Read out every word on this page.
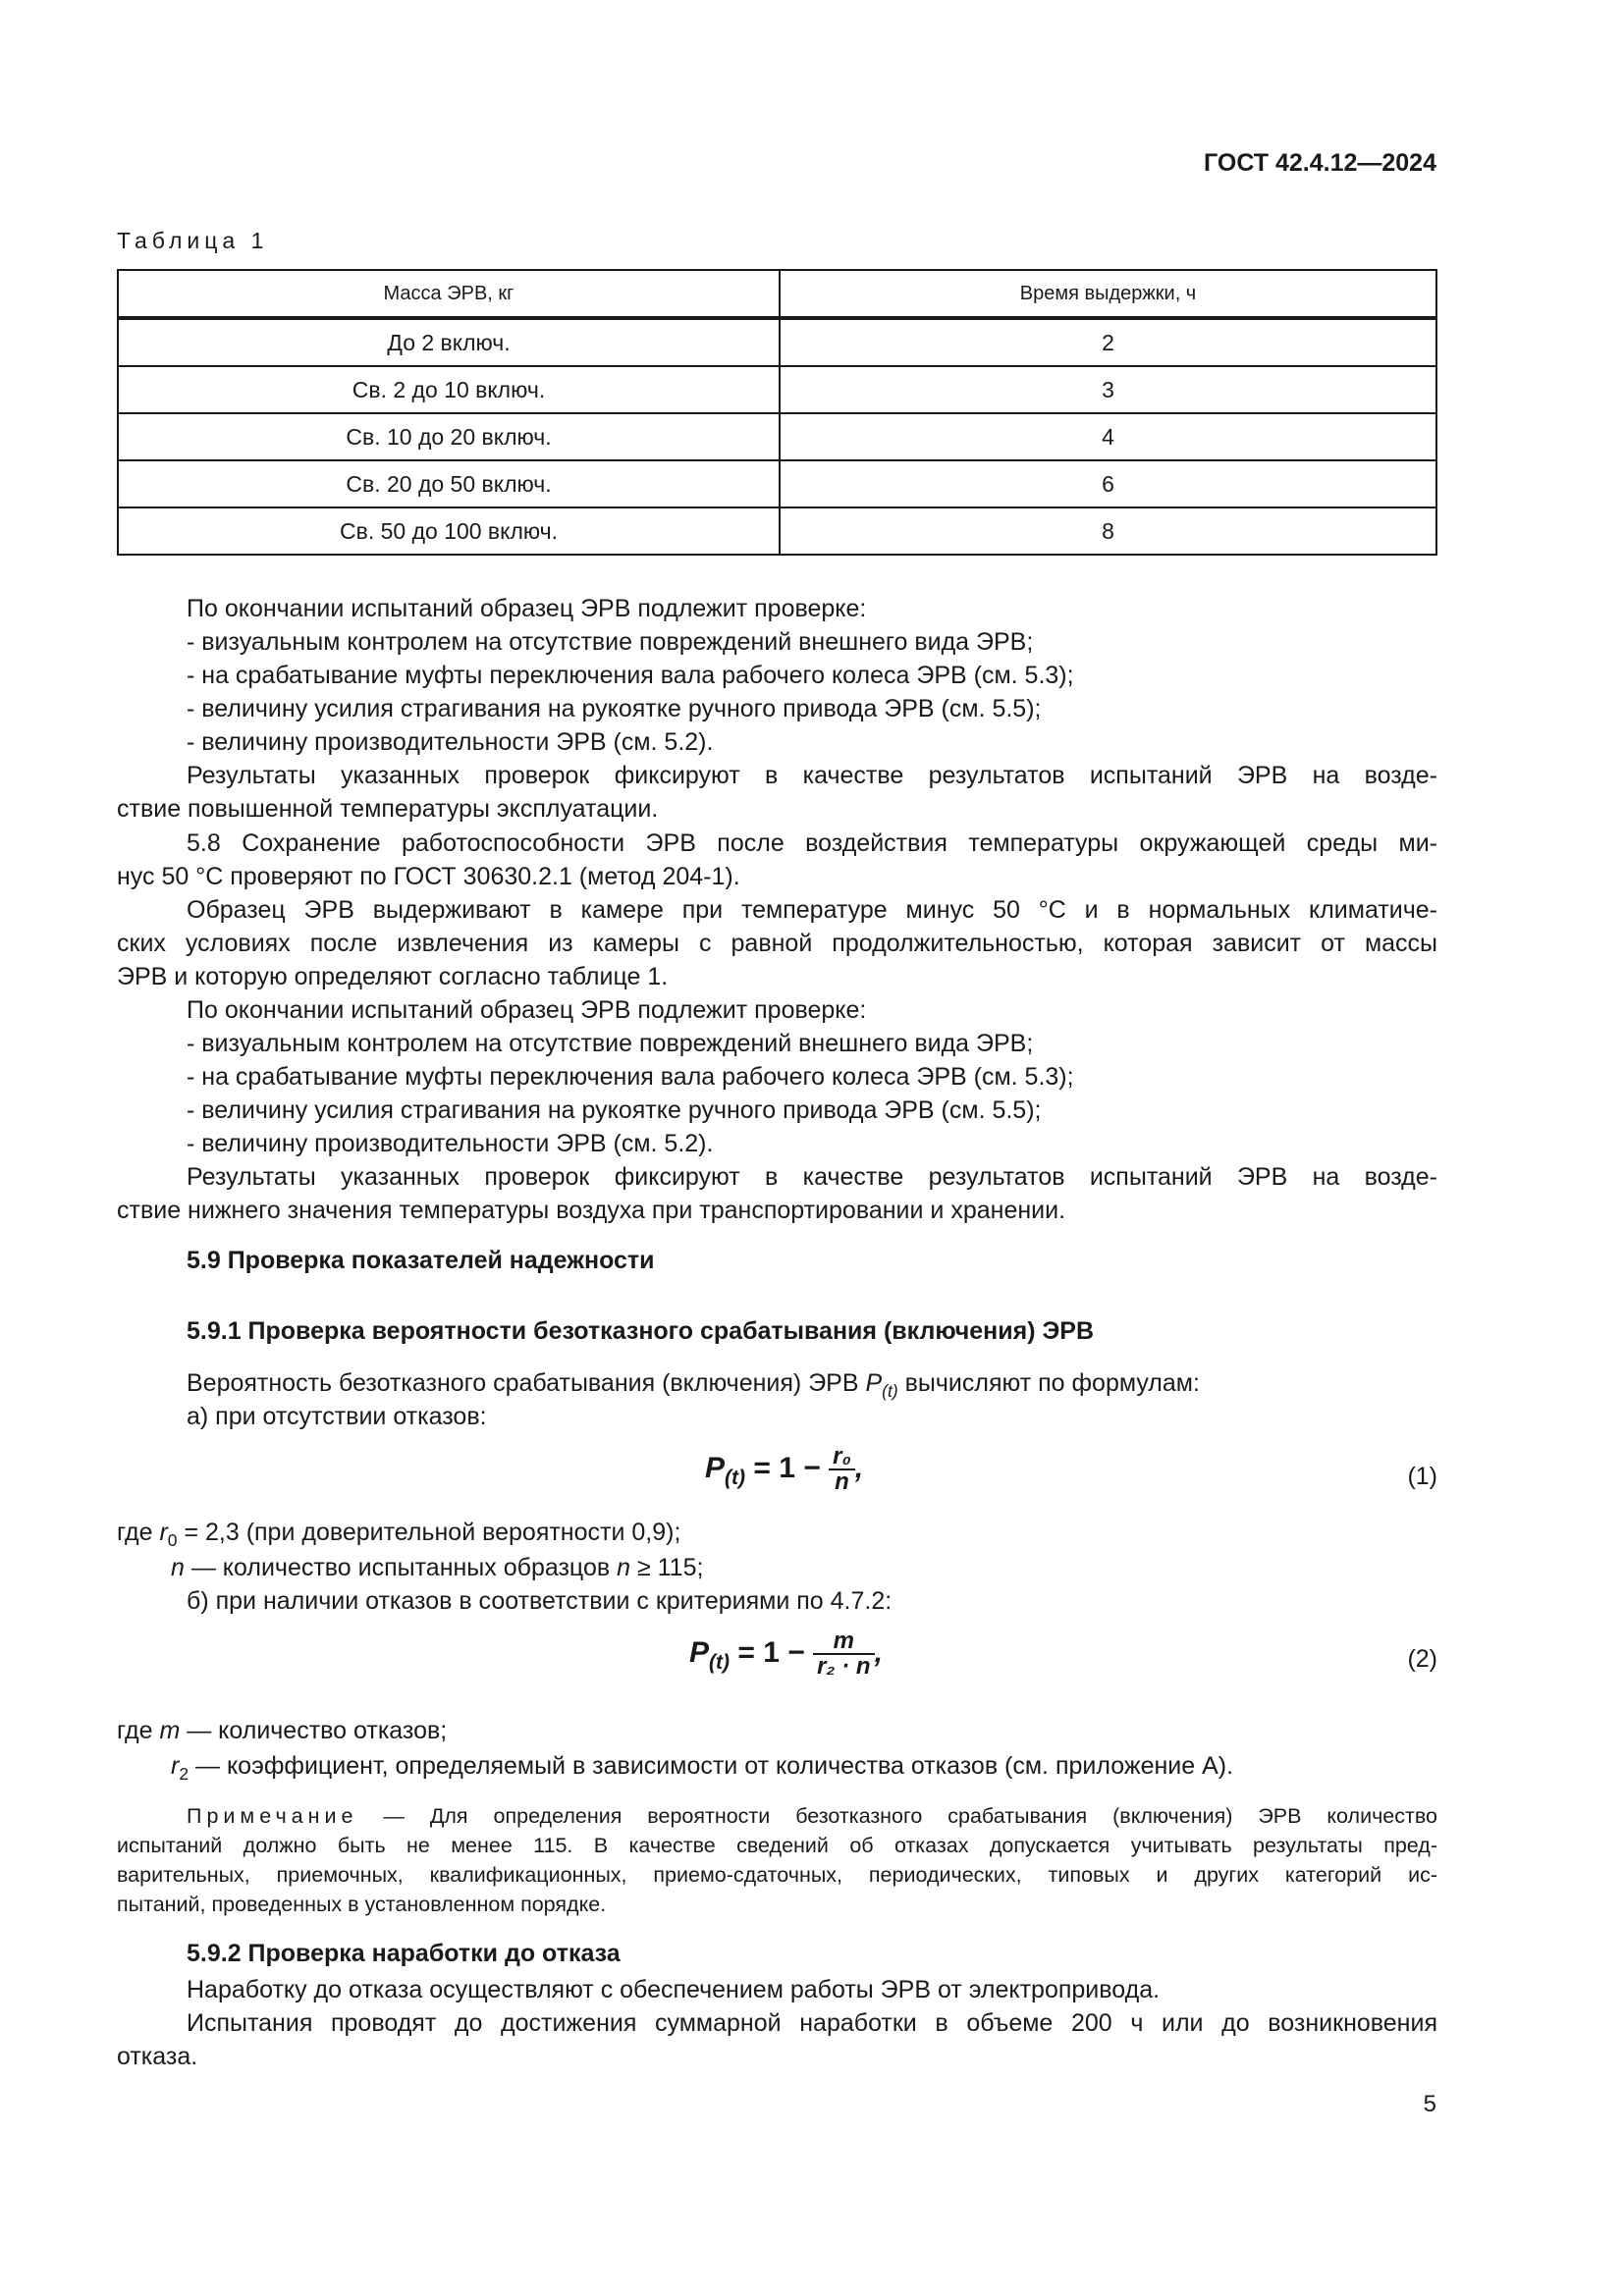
ГОСТ 42.4.12—2024
Таблица 1
Масса ЭРВ, кг	Время выдержки, ч
До 2 включ.	2
Св. 2 до 10 включ.	3
Св. 10 до 20 включ.	4
Св. 20 до 50 включ.	6
Св. 50 до 100 включ.	8
По окончании испытаний образец ЭРВ подлежит проверке:
- визуальным контролем на отсутствие повреждений внешнего вида ЭРВ;
- на срабатывание муфты переключения вала рабочего колеса ЭРВ (см. 5.3);
- величину усилия страгивания на рукоятке ручного привода ЭРВ (см. 5.5);
- величину производительности ЭРВ (см. 5.2).
Результаты указанных проверок фиксируют в качестве результатов испытаний ЭРВ на возде-
ствие повышенной температуры эксплуатации.
5.8 Сохранение работоспособности ЭРВ после воздействия температуры окружающей среды ми-
нус 50 °С проверяют по ГОСТ 30630.2.1 (метод 204-1).
Образец ЭРВ выдерживают в камере при температуре минус 50 °С и в нормальных климатиче-
ских условиях после извлечения из камеры с равной продолжительностью, которая зависит от массы
ЭРВ и которую определяют согласно таблице 1.
По окончании испытаний образец ЭРВ подлежит проверке:
- визуальным контролем на отсутствие повреждений внешнего вида ЭРВ;
- на срабатывание муфты переключения вала рабочего колеса ЭРВ (см. 5.3);
- величину усилия страгивания на рукоятке ручного привода ЭРВ (см. 5.5);
- величину производительности ЭРВ (см. 5.2).
Результаты указанных проверок фиксируют в качестве результатов испытаний ЭРВ на возде-
ствие нижнего значения температуры воздуха при транспортировании и хранении.
5.9 Проверка показателей надежности
5.9.1 Проверка вероятности безотказного срабатывания (включения) ЭРВ
Вероятность безотказного срабатывания (включения) ЭРВ $P_{(t)}$ вычисляют по формулам:
а) при отсутствии отказов:
$P_{(t)} = 1 - \frac{\text{r₀}}{n}$ ,	(1)
где $r_0 = 2,3$ (при доверительной вероятности 0,9);
n — количество испытанных образцов n ≥ 115;
б) при наличии отказов в соответствии с критериями по 4.7.2:
$P_{(t)} = 1 - \frac{m}{\text{r₂ · n}}$ ,	(2)
где m — количество отказов;
$r_2$ — коэффициент, определяемый в зависимости от количества отказов (см. приложение А).
Примечание — Для определения вероятности безотказного срабатывания (включения) ЭРВ количество
испытаний должно быть не менее 115. В качестве сведений об отказах допускается учитывать результаты пред-
варительных, приемочных, квалификационных, приемо-сдаточных, периодических, типовых и других категорий ис-
пытаний, проведенных в установленном порядке.
5.9.2 Проверка наработки до отказа
Наработку до отказа осуществляют с обеспечением работы ЭРВ от электропривода.
Испытания проводят до достижения суммарной наработки в объеме 200 ч или до возникновения
отказа.
5
